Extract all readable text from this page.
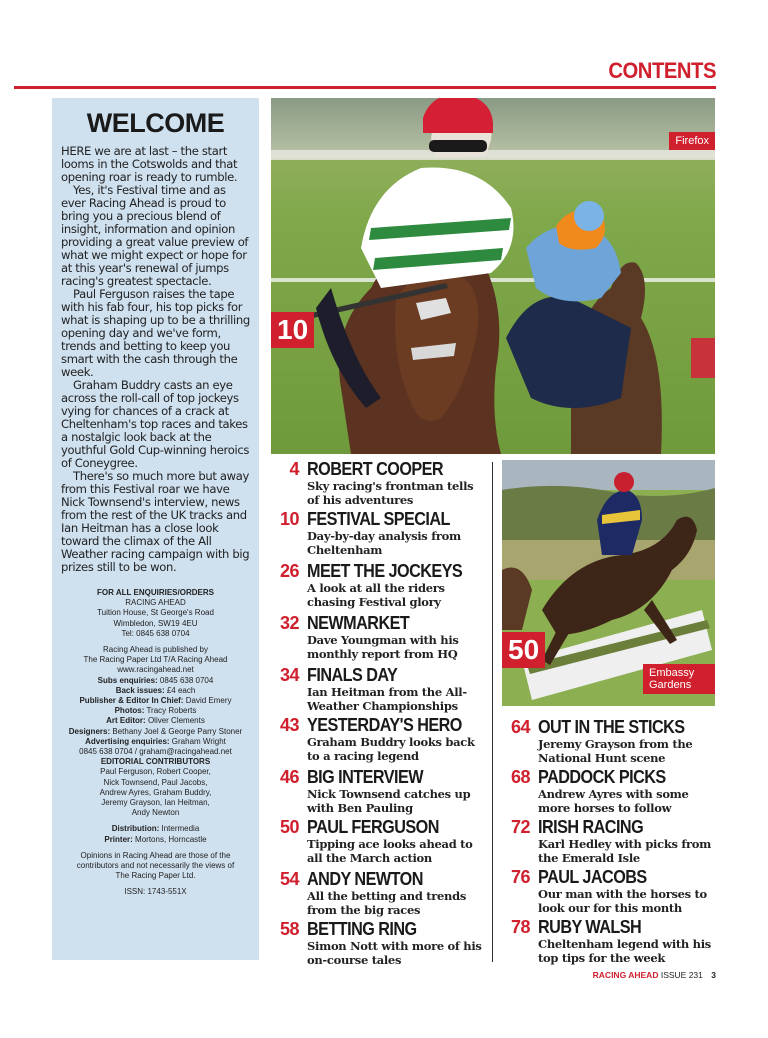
CONTENTS
WELCOME

HERE we are at last – the start looms in the Cotswolds and that opening roar is ready to rumble.

Yes, it's Festival time and as ever Racing Ahead is proud to bring you a precious blend of insight, information and opinion providing a great value preview of what we might expect or hope for at this year's renewal of jumps racing's greatest spectacle.

Paul Ferguson raises the tape with his fab four, his top picks for what is shaping up to be a thrilling opening day and we've form, trends and betting to keep you smart with the cash through the week.

Graham Buddry casts an eye across the roll-call of top jockeys vying for chances of a crack at Cheltenham's top races and takes a nostalgic look back at the youthful Gold Cup-winning heroics of Coneygree.

There's so much more but away from this Festival roar we have Nick Townsend's interview, news from the rest of the UK tracks and Ian Heitman has a close look toward the climax of the All Weather racing campaign with big prizes still to be won.

FOR ALL ENQUIRIES/ORDERS
RACING AHEAD
Tuition House, St George's Road
Wimbledon, SW19 4EU
Tel: 0845 638 0704
Racing Ahead is published by
The Racing Paper Ltd T/A Racing Ahead
www.racingahead.net
Subs enquiries: 0845 638 0704
Back issues: £4 each
Publisher & Editor In Chief: David Emery
Photos: Tracy Roberts
Art Editor: Oliver Clements
Designers: Bethany Joel & George Parry Stoner
Advertising enquiries: Graham Wright
0845 638 0704 / graham@racingahead.net
EDITORIAL CONTRIBUTORS
Paul Ferguson, Robert Cooper,
Nick Townsend, Paul Jacobs,
Andrew Ayres, Graham Buddry,
Jeremy Grayson, Ian Heitman,
Andy Newton
Distribution: Intermedia
Printer: Mortons, Horncastle
Opinions in Racing Ahead are those of the
contributors and not necessarily the views of
The Racing Paper Ltd.
ISSN: 1743-551X
Firefox
10
50
Embassy Gardens
4 ROBERT COOPER
Sky racing's frontman tells of his adventures
10 FESTIVAL SPECIAL
Day-by-day analysis from Cheltenham
26 MEET THE JOCKEYS
A look at all the riders chasing Festival glory
32 NEWMARKET
Dave Youngman with his monthly report from HQ
34 FINALS DAY
Ian Heitman from the All-Weather Championships
43 YESTERDAY'S HERO
Graham Buddry looks back to a racing legend
46 BIG INTERVIEW
Nick Townsend catches up with Ben Pauling
50 PAUL FERGUSON
Tipping ace looks ahead to all the March action
54 ANDY NEWTON
All the betting and trends from the big races
58 BETTING RING
Simon Nott with more of his on-course tales
64 OUT IN THE STICKS
Jeremy Grayson from the National Hunt scene
68 PADDOCK PICKS
Andrew Ayres with some more horses to follow
72 IRISH RACING
Karl Hedley with picks from the Emerald Isle
76 PAUL JACOBS
Our man with the horses to look our for this month
78 RUBY WALSH
Cheltenham legend with his top tips for the week
RACING AHEAD ISSUE 231 3
